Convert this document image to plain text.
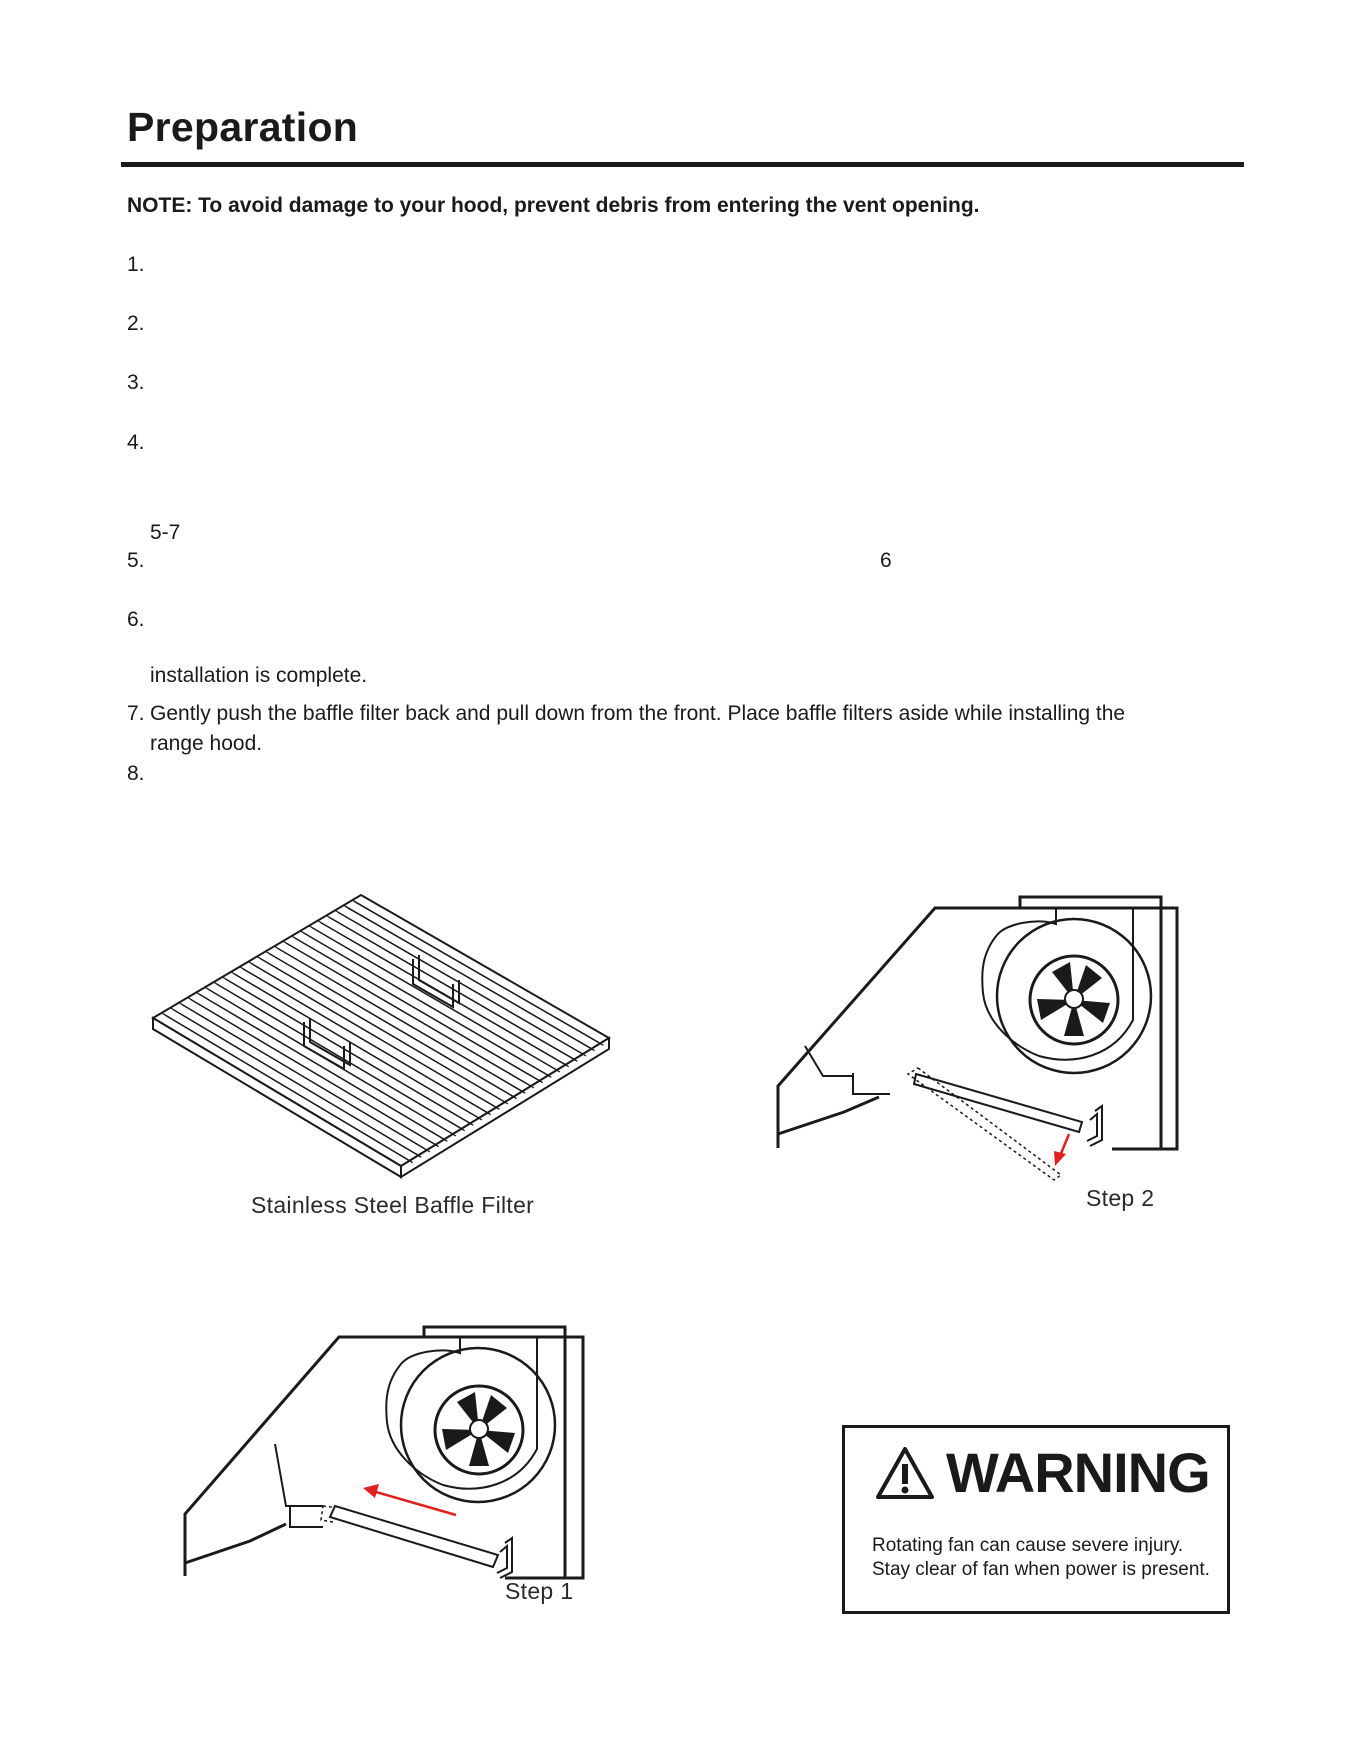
Preparation
NOTE: To avoid damage to your hood, prevent debris from entering the vent opening.
1.
2.
3.
4.
5-7
5.	6
6.
installation is complete.
7. Gently push the baffle filter back and pull down from the front. Place baffle filters aside while installing the
range hood.
8.
Stainless Steel Baffle Filter	Step 2
Step 1
WARNING
Rotating fan can cause severe injury. Stay clear of fan when power is present.
